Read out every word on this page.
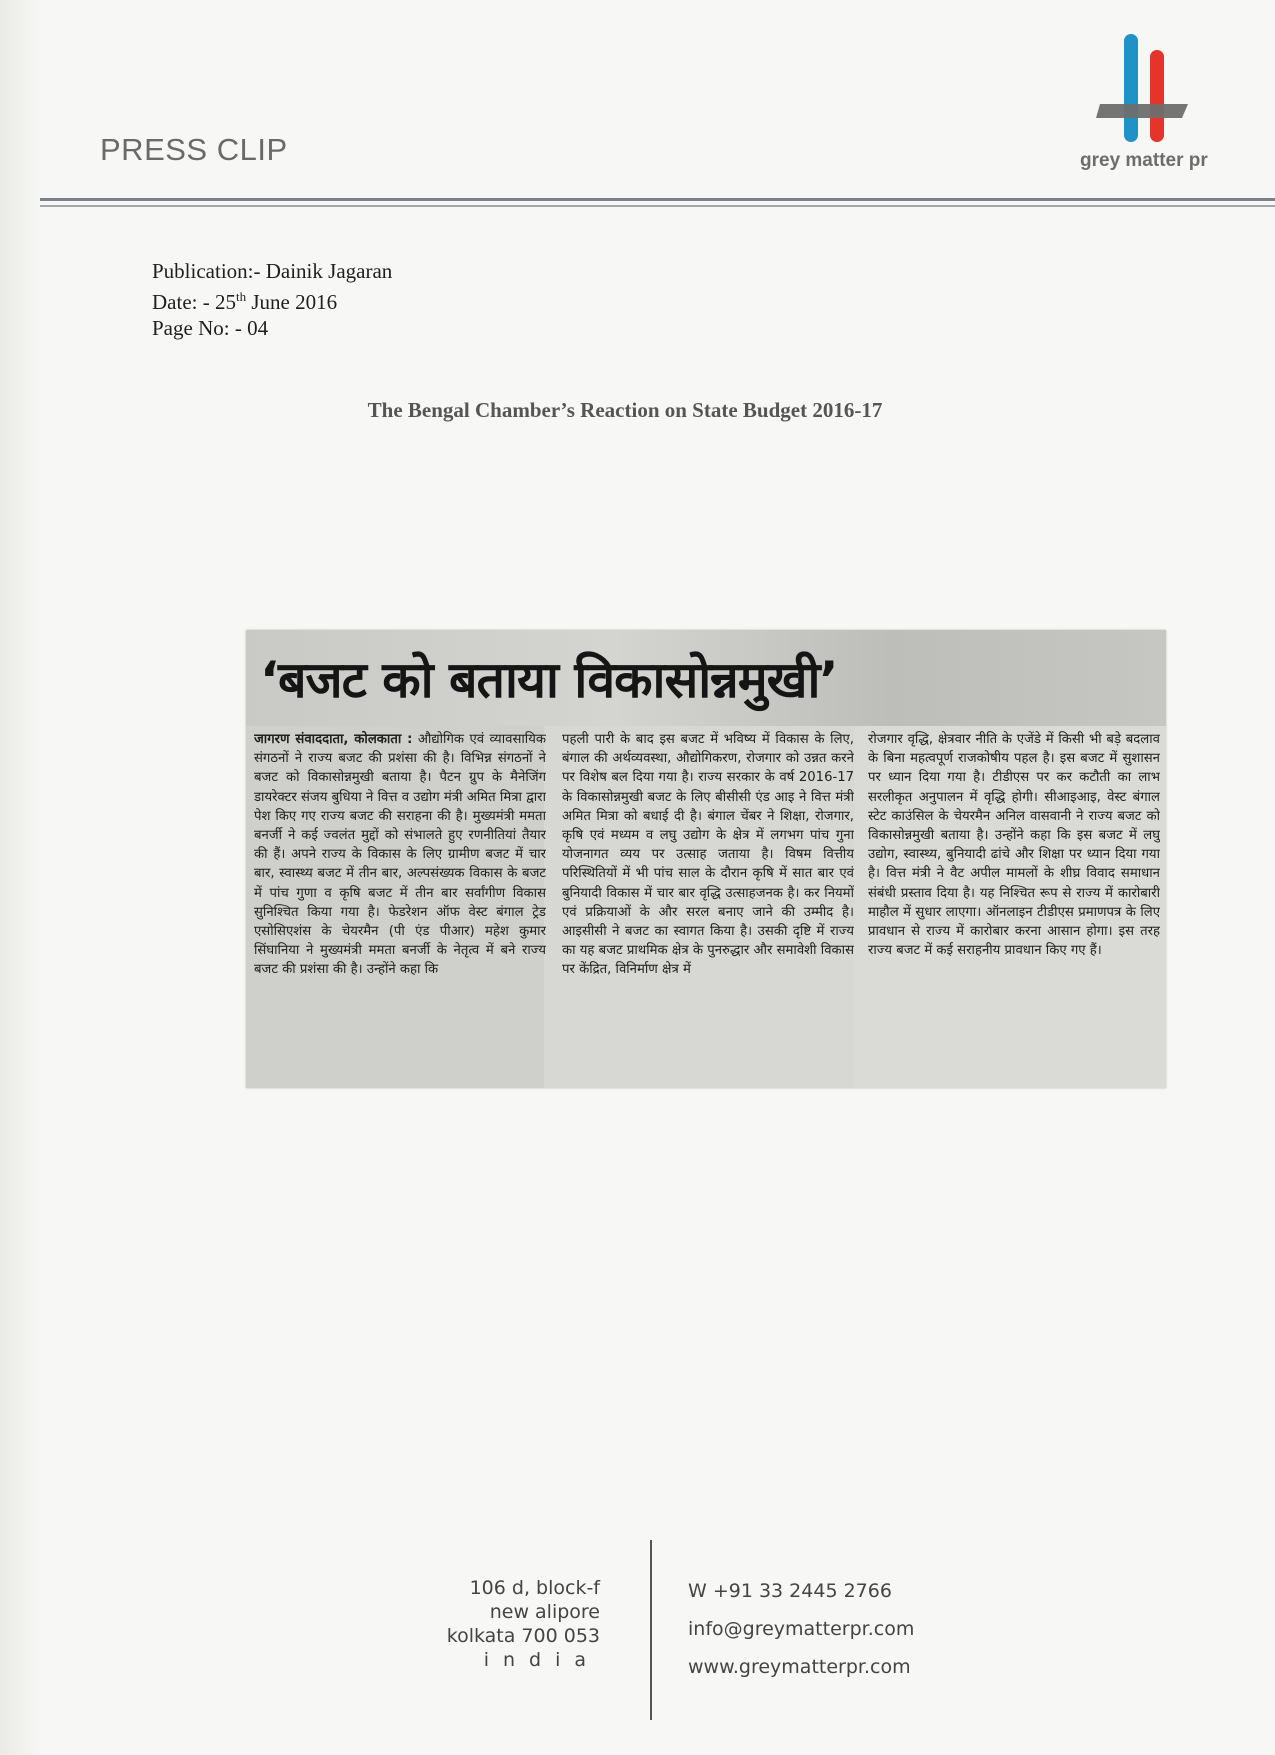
PRESS CLIP	grey matter pr
Publication:- Dainik Jagaran
Date: - 25th June 2016
Page No: - 04
The Bengal Chamber’s Reaction on State Budget 2016-17
‘बजट को बताया विकासोन्नमुखी’
जागरण संवाददाता, कोलकाता : औद्योगिक एवं व्यावसायिक संगठनों ने राज्य बजट की प्रशंसा की है। विभिन्न संगठनों ने बजट को विकासोन्नमुखी बताया है। पैटन ग्रुप के मैनेजिंग डायरेक्टर संजय बुधिया ने वित्त व उद्योग मंत्री अमित मित्रा द्वारा पेश किए गए राज्य बजट की सराहना की है। मुख्यमंत्री ममता बनर्जी ने कई ज्वलंत मुद्दों को संभालते हुए रणनीतियां तैयार की हैं। अपने राज्य के विकास के लिए ग्रामीण बजट में चार बार, स्वास्थ्य बजट में तीन बार, अल्पसंख्यक विकास के बजट में पांच गुणा व कृषि बजट में तीन बार सर्वांगीण विकास सुनिश्चित किया गया है। फेडरेशन ऑफ वेस्ट बंगाल ट्रेड एसोसिएशंस के चेयरमैन (पी एंड पीआर) महेश कुमार सिंघानिया ने मुख्यमंत्री ममता बनर्जी के नेतृत्व में बने राज्य बजट की प्रशंसा की है। उन्होंने कहा कि
पहली पारी के बाद इस बजट में भविष्य में विकास के लिए, बंगाल की अर्थव्यवस्था, औद्योगिकरण, रोजगार को उन्नत करने पर विशेष बल दिया गया है। राज्य सरकार के वर्ष 2016-17 के विकासोन्नमुखी बजट के लिए बीसीसी एंड आइ ने वित्त मंत्री अमित मित्रा को बधाई दी है। बंगाल चेंबर ने शिक्षा, रोजगार, कृषि एवं मध्यम व लघु उद्योग के क्षेत्र में लगभग पांच गुना योजनागत व्यय पर उत्साह जताया है। विषम वित्तीय परिस्थितियों में भी पांच साल के दौरान कृषि में सात बार एवं बुनियादी विकास में चार बार वृद्धि उत्साहजनक है। कर नियमों एवं प्रक्रियाओं के और सरल बनाए जाने की उम्मीद है। आइसीसी ने बजट का स्वागत किया है। उसकी दृष्टि में राज्य का यह बजट प्राथमिक क्षेत्र के पुनरुद्धार और समावेशी विकास पर केंद्रित, विनिर्माण क्षेत्र में
रोजगार वृद्धि, क्षेत्रवार नीति के एजेंडे में किसी भी बड़े बदलाव के बिना महत्वपूर्ण राजकोषीय पहल है। इस बजट में सुशासन पर ध्यान दिया गया है। टीडीएस पर कर कटौती का लाभ सरलीकृत अनुपालन में वृद्धि होगी। सीआइआइ, वेस्ट बंगाल स्टेट काउंसिल के चेयरमैन अनिल वासवानी ने राज्य बजट को विकासोन्नमुखी बताया है। उन्होंने कहा कि इस बजट में लघु उद्योग, स्वास्थ्य, बुनियादी ढांचे और शिक्षा पर ध्यान दिया गया है। वित्त मंत्री ने वैट अपील मामलों के शीघ्र विवाद समाधान संबंधी प्रस्ताव दिया है। यह निश्चित रूप से राज्य में कारोबारी माहौल में सुधार लाएगा। ऑनलाइन टीडीएस प्रमाणपत्र के लिए प्रावधान से राज्य में कारोबार करना आसान होगा। इस तरह राज्य बजट में कई सराहनीय प्रावधान किए गए हैं।
106 d, block-f
new alipore
kolkata 700 053
india
W +91 33 2445 2766
info@greymatterpr.com
www.greymatterpr.com
